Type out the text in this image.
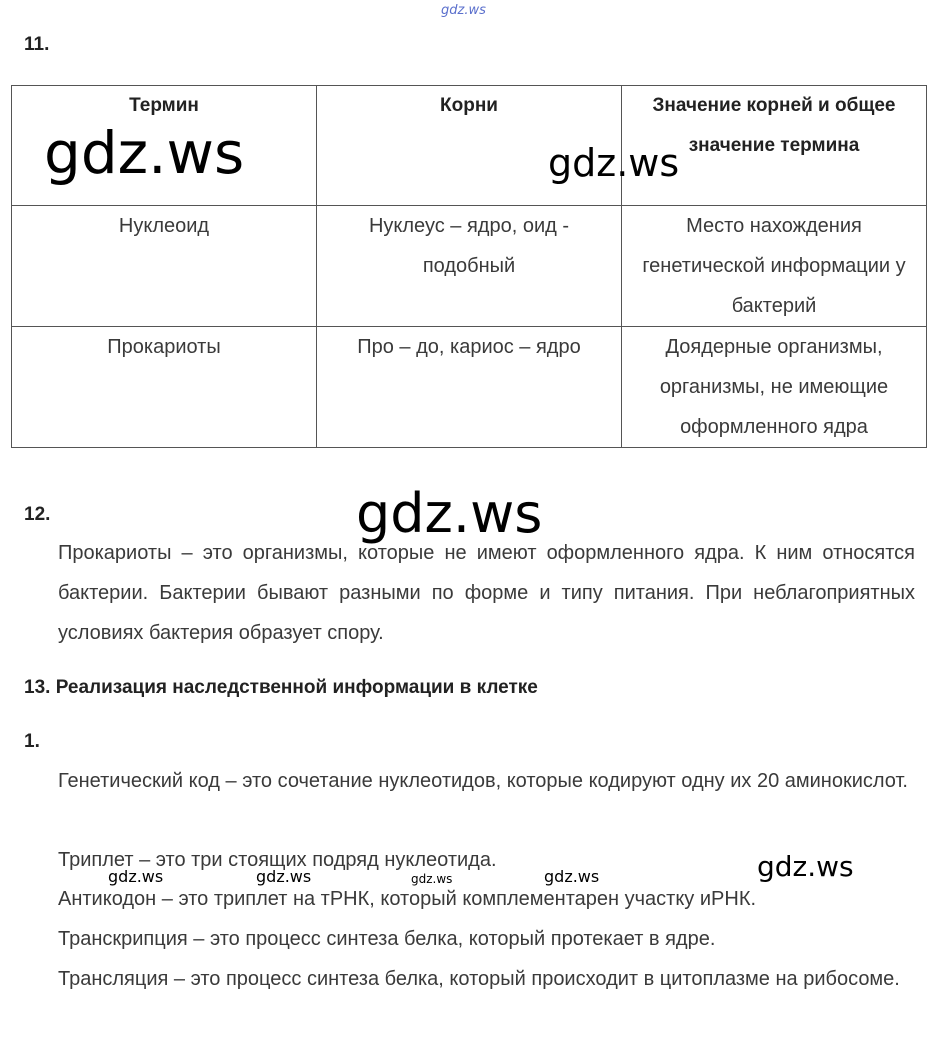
gdz.ws
11.
Термин	Корни	Значение корней и общее значение термина

Нуклеоид	Нуклеус – ядро, оид - подобный	Место нахождения генетической информации у бактерий

Прокариоты	Про – до, кариос – ядро	Доядерные организмы, организмы, не имеющие оформленного ядра
gdz.ws	gdz.ws
12.	gdz.ws
Прокариоты – это организмы, которые не имеют оформленного ядра. К ним относятся бактерии. Бактерии бывают разными по форме и типу питания. При неблагоприятных условиях бактерия образует спору.
13. Реализация наследственной информации в клетке
1.
Генетический код – это сочетание нуклеотидов, которые кодируют одну их 20 аминокислот.
Триплет – это три стоящих подряд нуклеотида.
Антикодон – это триплет на тРНК, который комплементарен участку иРНК.
Транскрипция – это процесс синтеза белка, который протекает в ядре.
Трансляция – это процесс синтеза белка, который происходит в цитоплазме на рибосоме.
gdz.ws	gdz.ws	gdz.ws	gdz.ws	gdz.ws
